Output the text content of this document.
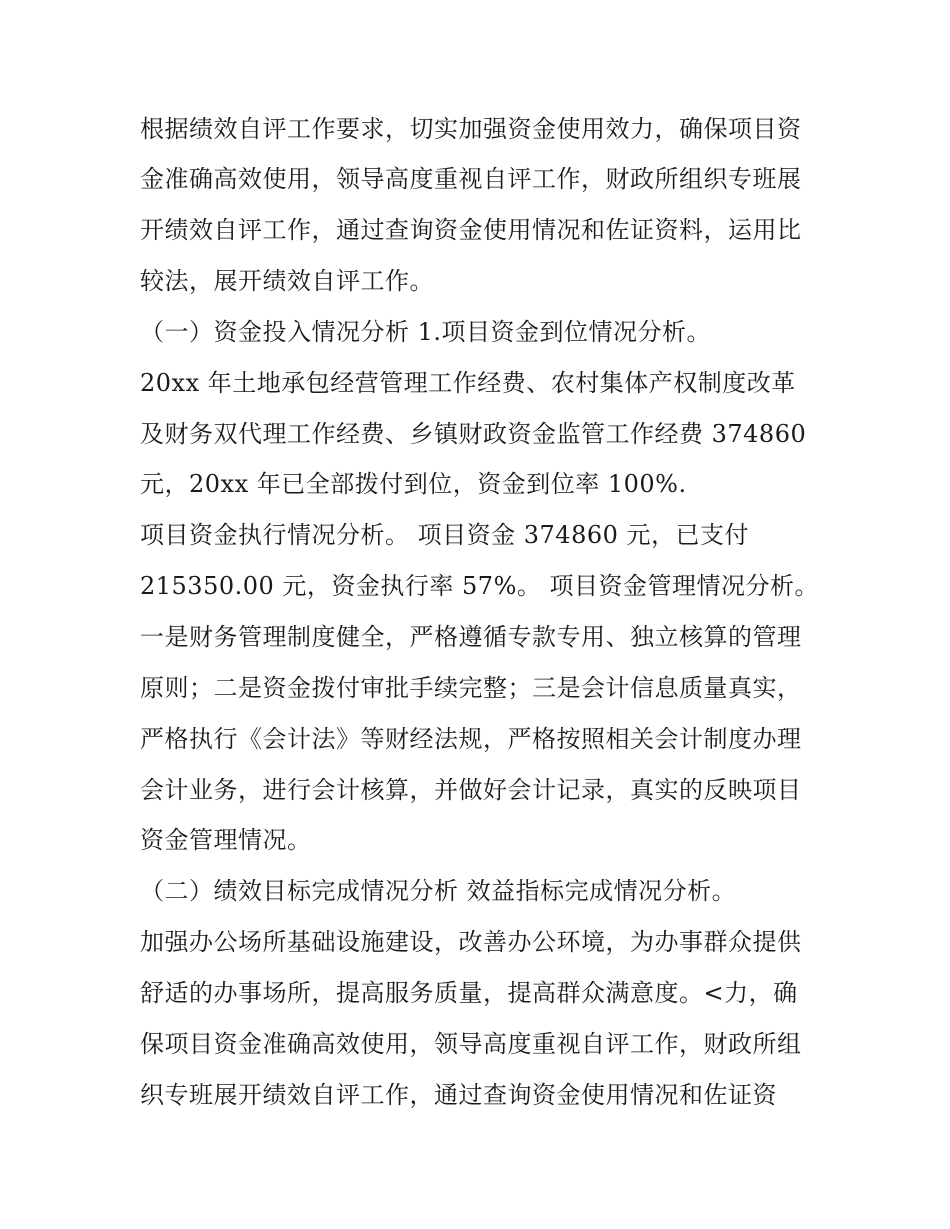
根据绩效自评工作要求，切实加强资金使用效力，确保项目资
金准确高效使用，领导高度重视自评工作，财政所组织专班展
开绩效自评工作，通过查询资金使用情况和佐证资料，运用比
较法，展开绩效自评工作。
（一）资金投入情况分析 1.项目资金到位情况分析。
20xx 年土地承包经营管理工作经费、农村集体产权制度改革
及财务双代理工作经费、乡镇财政资金监管工作经费 374860
元，20xx 年已全部拨付到位，资金到位率 100%.
项目资金执行情况分析。 项目资金 374860 元，已支付
215350.00 元，资金执行率 57%。 项目资金管理情况分析。
一是财务管理制度健全，严格遵循专款专用、独立核算的管理
原则；二是资金拨付审批手续完整；三是会计信息质量真实，
严格执行《会计法》等财经法规，严格按照相关会计制度办理
会计业务，进行会计核算，并做好会计记录，真实的反映项目
资金管理情况。
（二）绩效目标完成情况分析 效益指标完成情况分析。
加强办公场所基础设施建设，改善办公环境，为办事群众提供
舒适的办事场所，提高服务质量，提高群众满意度。<力，确
保项目资金准确高效使用，领导高度重视自评工作，财政所组
织专班展开绩效自评工作，通过查询资金使用情况和佐证资
